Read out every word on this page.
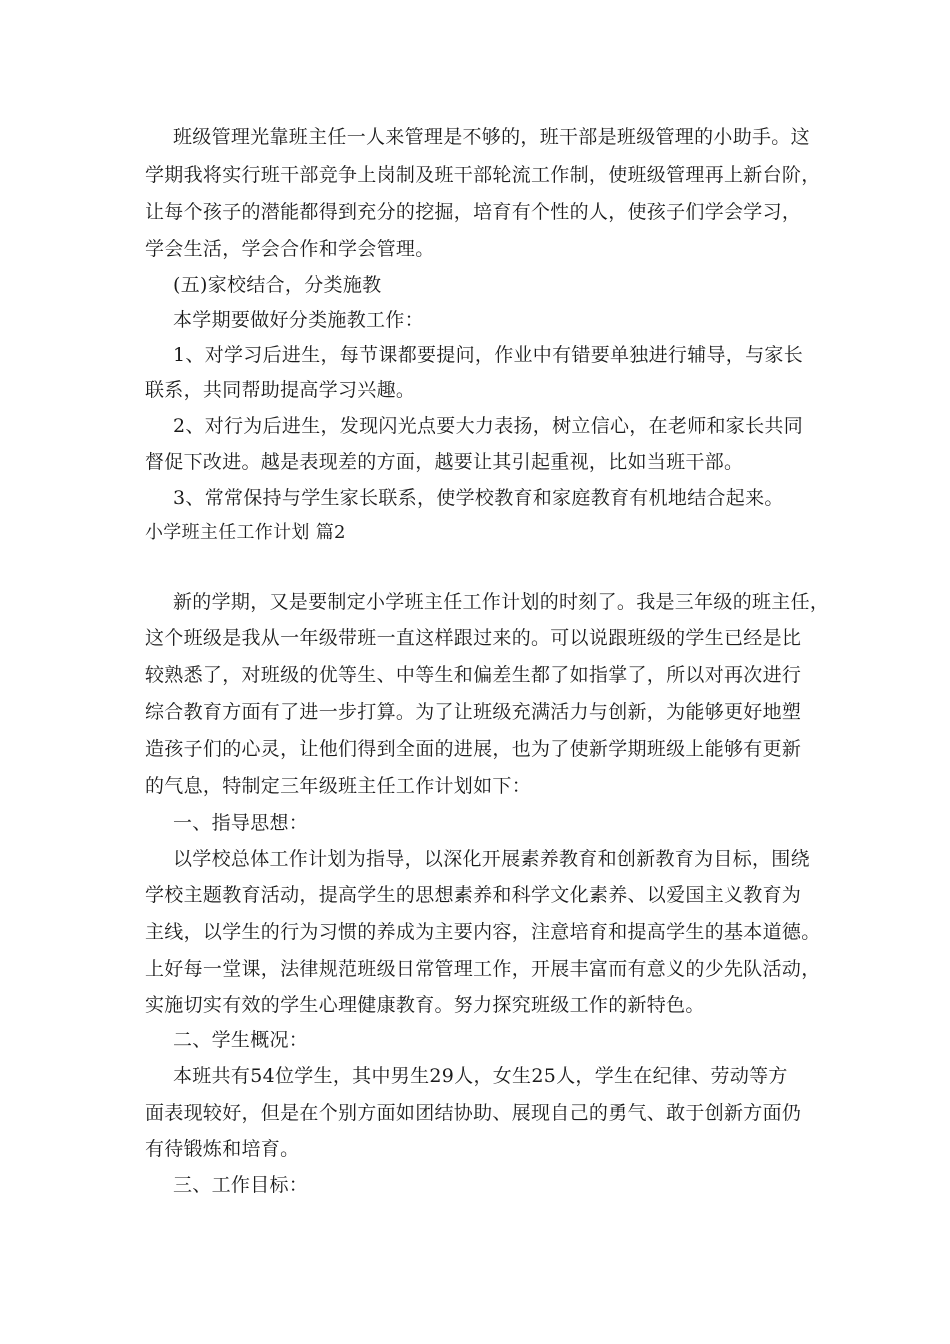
班级管理光靠班主任一人来管理是不够的，班干部是班级管理的小助手。这
学期我将实行班干部竞争上岗制及班干部轮流工作制，使班级管理再上新台阶，
让每个孩子的潜能都得到充分的挖掘，培育有个性的人，使孩子们学会学习，
学会生活，学会合作和学会管理。
(五)家校结合，分类施教
本学期要做好分类施教工作：
1、对学习后进生，每节课都要提问，作业中有错要单独进行辅导，与家长
联系，共同帮助提高学习兴趣。
2、对行为后进生，发现闪光点要大力表扬，树立信心，在老师和家长共同
督促下改进。越是表现差的方面，越要让其引起重视，比如当班干部。
3、常常保持与学生家长联系，使学校教育和家庭教育有机地结合起来。
小学班主任工作计划 篇2
新的学期，又是要制定小学班主任工作计划的时刻了。我是三年级的班主任，
这个班级是我从一年级带班一直这样跟过来的。可以说跟班级的学生已经是比
较熟悉了，对班级的优等生、中等生和偏差生都了如指掌了，所以对再次进行
综合教育方面有了进一步打算。为了让班级充满活力与创新，为能够更好地塑
造孩子们的心灵，让他们得到全面的进展，也为了使新学期班级上能够有更新
的气息，特制定三年级班主任工作计划如下：
一、指导思想：
以学校总体工作计划为指导，以深化开展素养教育和创新教育为目标，围绕
学校主题教育活动，提高学生的思想素养和科学文化素养、以爱国主义教育为
主线，以学生的行为习惯的养成为主要内容，注意培育和提高学生的基本道德。
上好每一堂课，法律规范班级日常管理工作，开展丰富而有意义的少先队活动，
实施切实有效的学生心理健康教育。努力探究班级工作的新特色。
二、学生概况：
本班共有54位学生，其中男生29人，女生25人，学生在纪律、劳动等方
面表现较好，但是在个别方面如团结协助、展现自己的勇气、敢于创新方面仍
有待锻炼和培育。
三、工作目标：
